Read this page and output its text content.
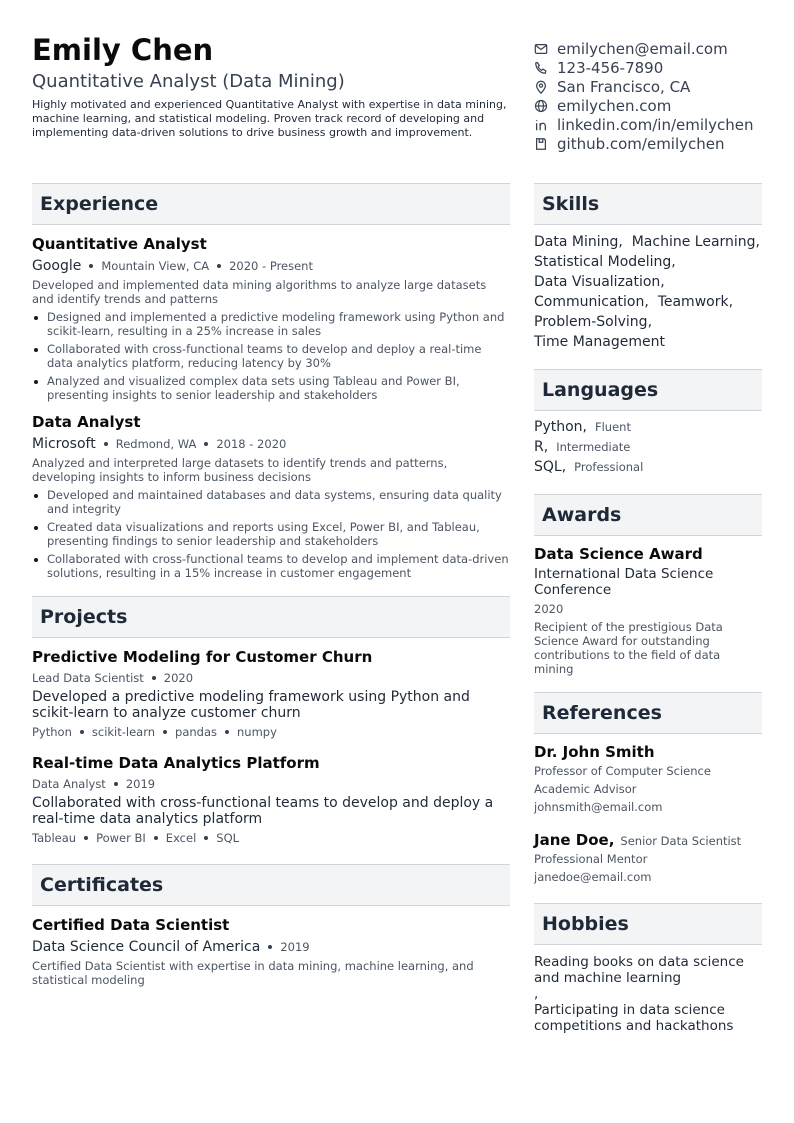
Emily Chen
Quantitative Analyst (Data Mining)
Highly motivated and experienced Quantitative Analyst with expertise in data mining, machine learning, and statistical modeling. Proven track record of developing and implementing data-driven solutions to drive business growth and improvement.
emilychen@email.com
123-456-7890
San Francisco, CA
emilychen.com
linkedin.com/in/emilychen
github.com/emilychen
Experience
Quantitative Analyst
Google Mountain View, CA 2020 - Present
Developed and implemented data mining algorithms to analyze large datasets and identify trends and patterns
Designed and implemented a predictive modeling framework using Python and scikit-learn, resulting in a 25% increase in sales
Collaborated with cross-functional teams to develop and deploy a real-time data analytics platform, reducing latency by 30%
Analyzed and visualized complex data sets using Tableau and Power BI, presenting insights to senior leadership and stakeholders
Data Analyst
Microsoft Redmond, WA 2018 - 2020
Analyzed and interpreted large datasets to identify trends and patterns, developing insights to inform business decisions
Developed and maintained databases and data systems, ensuring data quality and integrity
Created data visualizations and reports using Excel, Power BI, and Tableau, presenting findings to senior leadership and stakeholders
Collaborated with cross-functional teams to develop and implement data-driven solutions, resulting in a 15% increase in customer engagement
Projects
Predictive Modeling for Customer Churn
Lead Data Scientist 2020
Developed a predictive modeling framework using Python and scikit-learn to analyze customer churn
Python scikit-learn pandas numpy
Real-time Data Analytics Platform
Data Analyst 2019
Collaborated with cross-functional teams to develop and deploy a real-time data analytics platform
Tableau Power BI Excel SQL
Certificates
Certified Data Scientist
Data Science Council of America 2019
Certified Data Scientist with expertise in data mining, machine learning, and statistical modeling
Skills
Data Mining,  Machine Learning,
Statistical Modeling,
Data Visualization,
Communication,  Teamwork,
Problem-Solving,
Time Management
Languages
Python, Fluent
R, Intermediate
SQL, Professional
Awards
Data Science Award
International Data Science Conference
2020
Recipient of the prestigious Data Science Award for outstanding contributions to the field of data mining
References
Dr. John Smith
Professor of Computer Science
Academic Advisor
johnsmith@email.com
Jane Doe, Senior Data Scientist
Professional Mentor
janedoe@email.com
Hobbies
Reading books on data science and machine learning
,
Participating in data science competitions and hackathons
